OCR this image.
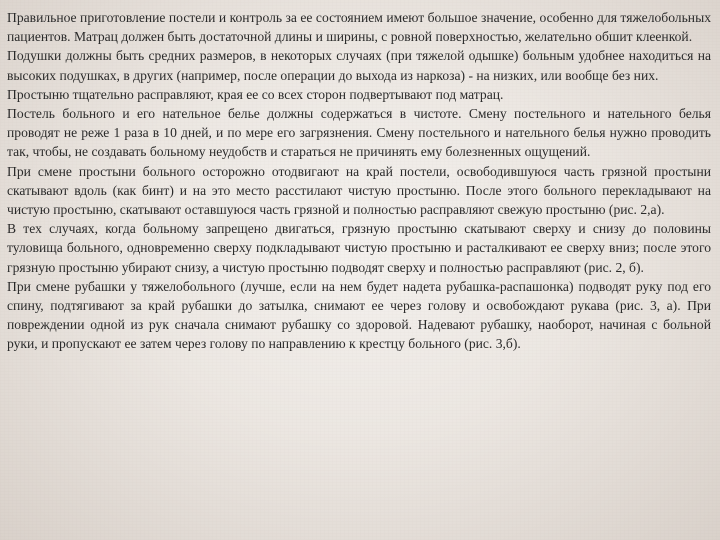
Правильное приготовление постели и контроль за ее состоянием имеют большое значение, особенно для тяжелобольных пациентов. Матрац должен быть достаточной длины и ширины, с ровной поверхностью, желательно обшит клеенкой.

Подушки должны быть средних размеров, в некоторых случаях (при тяжелой одышке) больным удобнее находиться на высоких подушках, в других (например, после операции до выхода из наркоза) - на низких, или вообще без них.

Простыню тщательно расправляют, края ее со всех сторон подвертывают под матрац.

Постель больного и его нательное белье должны содержаться в чистоте. Смену постельного и нательного белья проводят не реже 1 раза в 10 дней, и по мере его загрязнения. Смену постельного и нательного белья нужно проводить так, чтобы, не создавать больному неудобств и стараться не причинять ему болезненных ощущений.

При смене простыни больного осторожно отодвигают на край постели, освободившуюся часть грязной простыни скатывают вдоль (как бинт) и на это место расстилают чистую простыню. После этого больного перекладывают на чистую простыню, скатывают оставшуюся часть грязной и полностью расправляют свежую простыню (рис. 2,а).

В тех случаях, когда больному запрещено двигаться, грязную простыню скатывают сверху и снизу до половины туловища больного, одновременно сверху подкладывают чистую простыню и расталкивают ее сверху вниз; после этого грязную простыню убирают снизу, а чистую простыню подводят сверху и полностью расправляют (рис. 2, б).

При смене рубашки у тяжелобольного (лучше, если на нем будет надета рубашка-распашонка) подводят руку под его спину, подтягивают за край рубашки до затылка, снимают ее через голову и освобождают рукава (рис. 3, а). При повреждении одной из рук сначала снимают рубашку со здоровой. Надевают рубашку, наоборот, начиная с больной руки, и пропускают ее затем через голову по направлению к крестцу больного (рис. 3,б).
